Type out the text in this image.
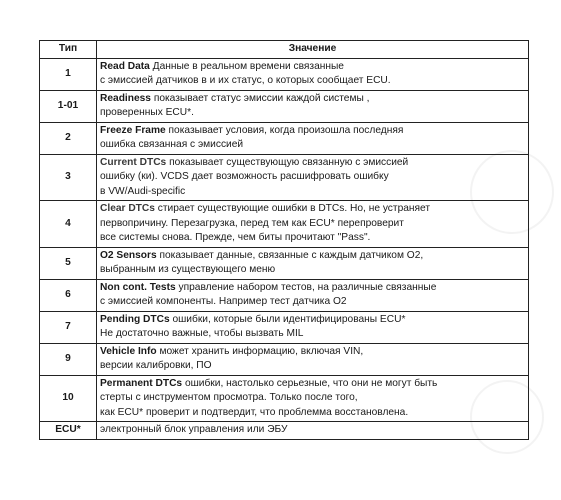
Тип	Значение
1	Read Data Данные в реальном времени связанные
с эмиссией датчиков в и их статус, о которых сообщает ECU.

1-01	Readiness показывает статус эмиссии каждой системы ,
проверенных ECU*.

2	Freeze Frame показывает условия, когда произошла последняя
ошибка связанная с эмиссией

3	Current DTCs показывает существующую связанную с эмиссией
ошибку (ки). VCDS дает возможность расшифровать ошибку
в VW/Audi-specific

4	Clear DTCs стирает существующие ошибки в DTCs. Но, не устраняет
первопричину. Перезагрузка, перед тем как ECU* перепроверит
все системы снова. Прежде, чем биты прочитают "Pass".

5	O2 Sensors показывает данные, связанные с каждым датчиком O2,
выбранным из существующего меню

6	Non cont. Tests управление набором тестов, на различные связанные
с эмиссией компоненты. Например тест датчика O2

7	Pending DTCs ошибки, которые были идентифицированы ECU*
Не достаточно важные, чтобы вызвать MIL

9	Vehicle Info может хранить информацию, включая VIN,
версии калибровки, ПО

10	Permanent DTCs ошибки, настолько серьезные, что они не могут быть
стерты с инструментом просмотра. Только после того,
как ECU* проверит и подтвердит, что проблемма восстановлена.

ECU*	электронный блок управления или ЭБУ
